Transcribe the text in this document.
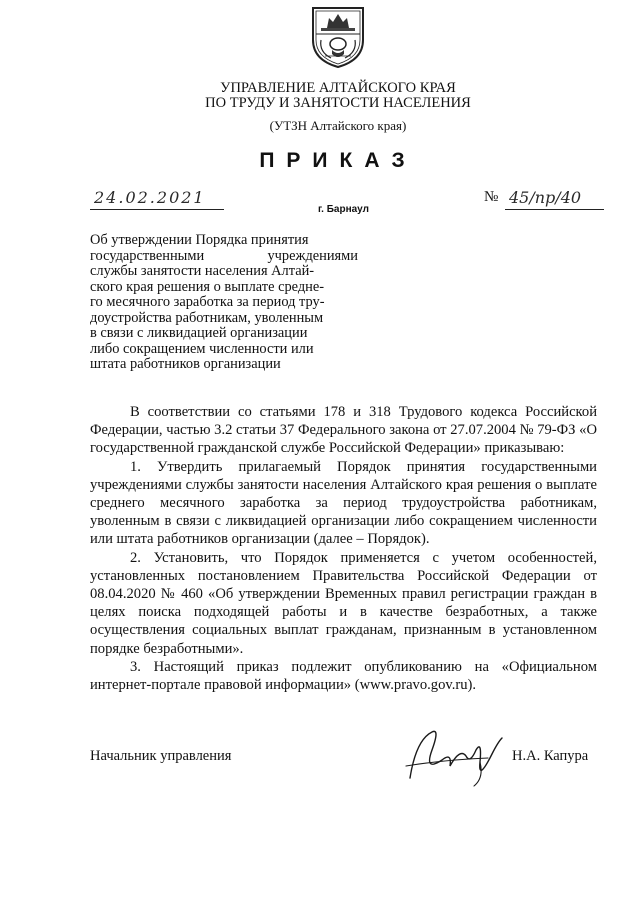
УПРАВЛЕНИЕ АЛТАЙСКОГО КРАЯ
ПО ТРУДУ И ЗАНЯТОСТИ НАСЕЛЕНИЯ
(УТЗН Алтайского края)
ПРИКАЗ
24.02.2021
г. Барнаул
№ 45/пр/40
Об утверждении Порядка принятия
государственными учреждениями
службы занятости населения Алтай-
ского края решения о выплате средне-
го месячного заработка за период тру-
доустройства работникам, уволенным
в связи с ликвидацией организации
либо сокращением численности или
штата работников организации

В соответствии со статьями 178 и 318 Трудового кодекса Российской Федерации, частью 3.2 статьи 37 Федерального закона от 27.07.2004 № 79-ФЗ «О государственной гражданской службе Российской Федерации» приказываю:

1. Утвердить прилагаемый Порядок принятия государственными учреждениями службы занятости населения Алтайского края решения о выплате среднего месячного заработка за период трудоустройства работникам, уволенным в связи с ликвидацией организации либо сокращением численности или штата работников организации (далее – Порядок).

2. Установить, что Порядок применяется с учетом особенностей, установленных постановлением Правительства Российской Федерации от 08.04.2020 № 460 «Об утверждении Временных правил регистрации граждан в целях поиска подходящей работы и в качестве безработных, а также осуществления социальных выплат гражданам, признанным в установленном порядке безработными».

3. Настоящий приказ подлежит опубликованию на «Официальном интернет-портале правовой информации» (www.pravo.gov.ru).

Начальник управления	Н.А. Капура
